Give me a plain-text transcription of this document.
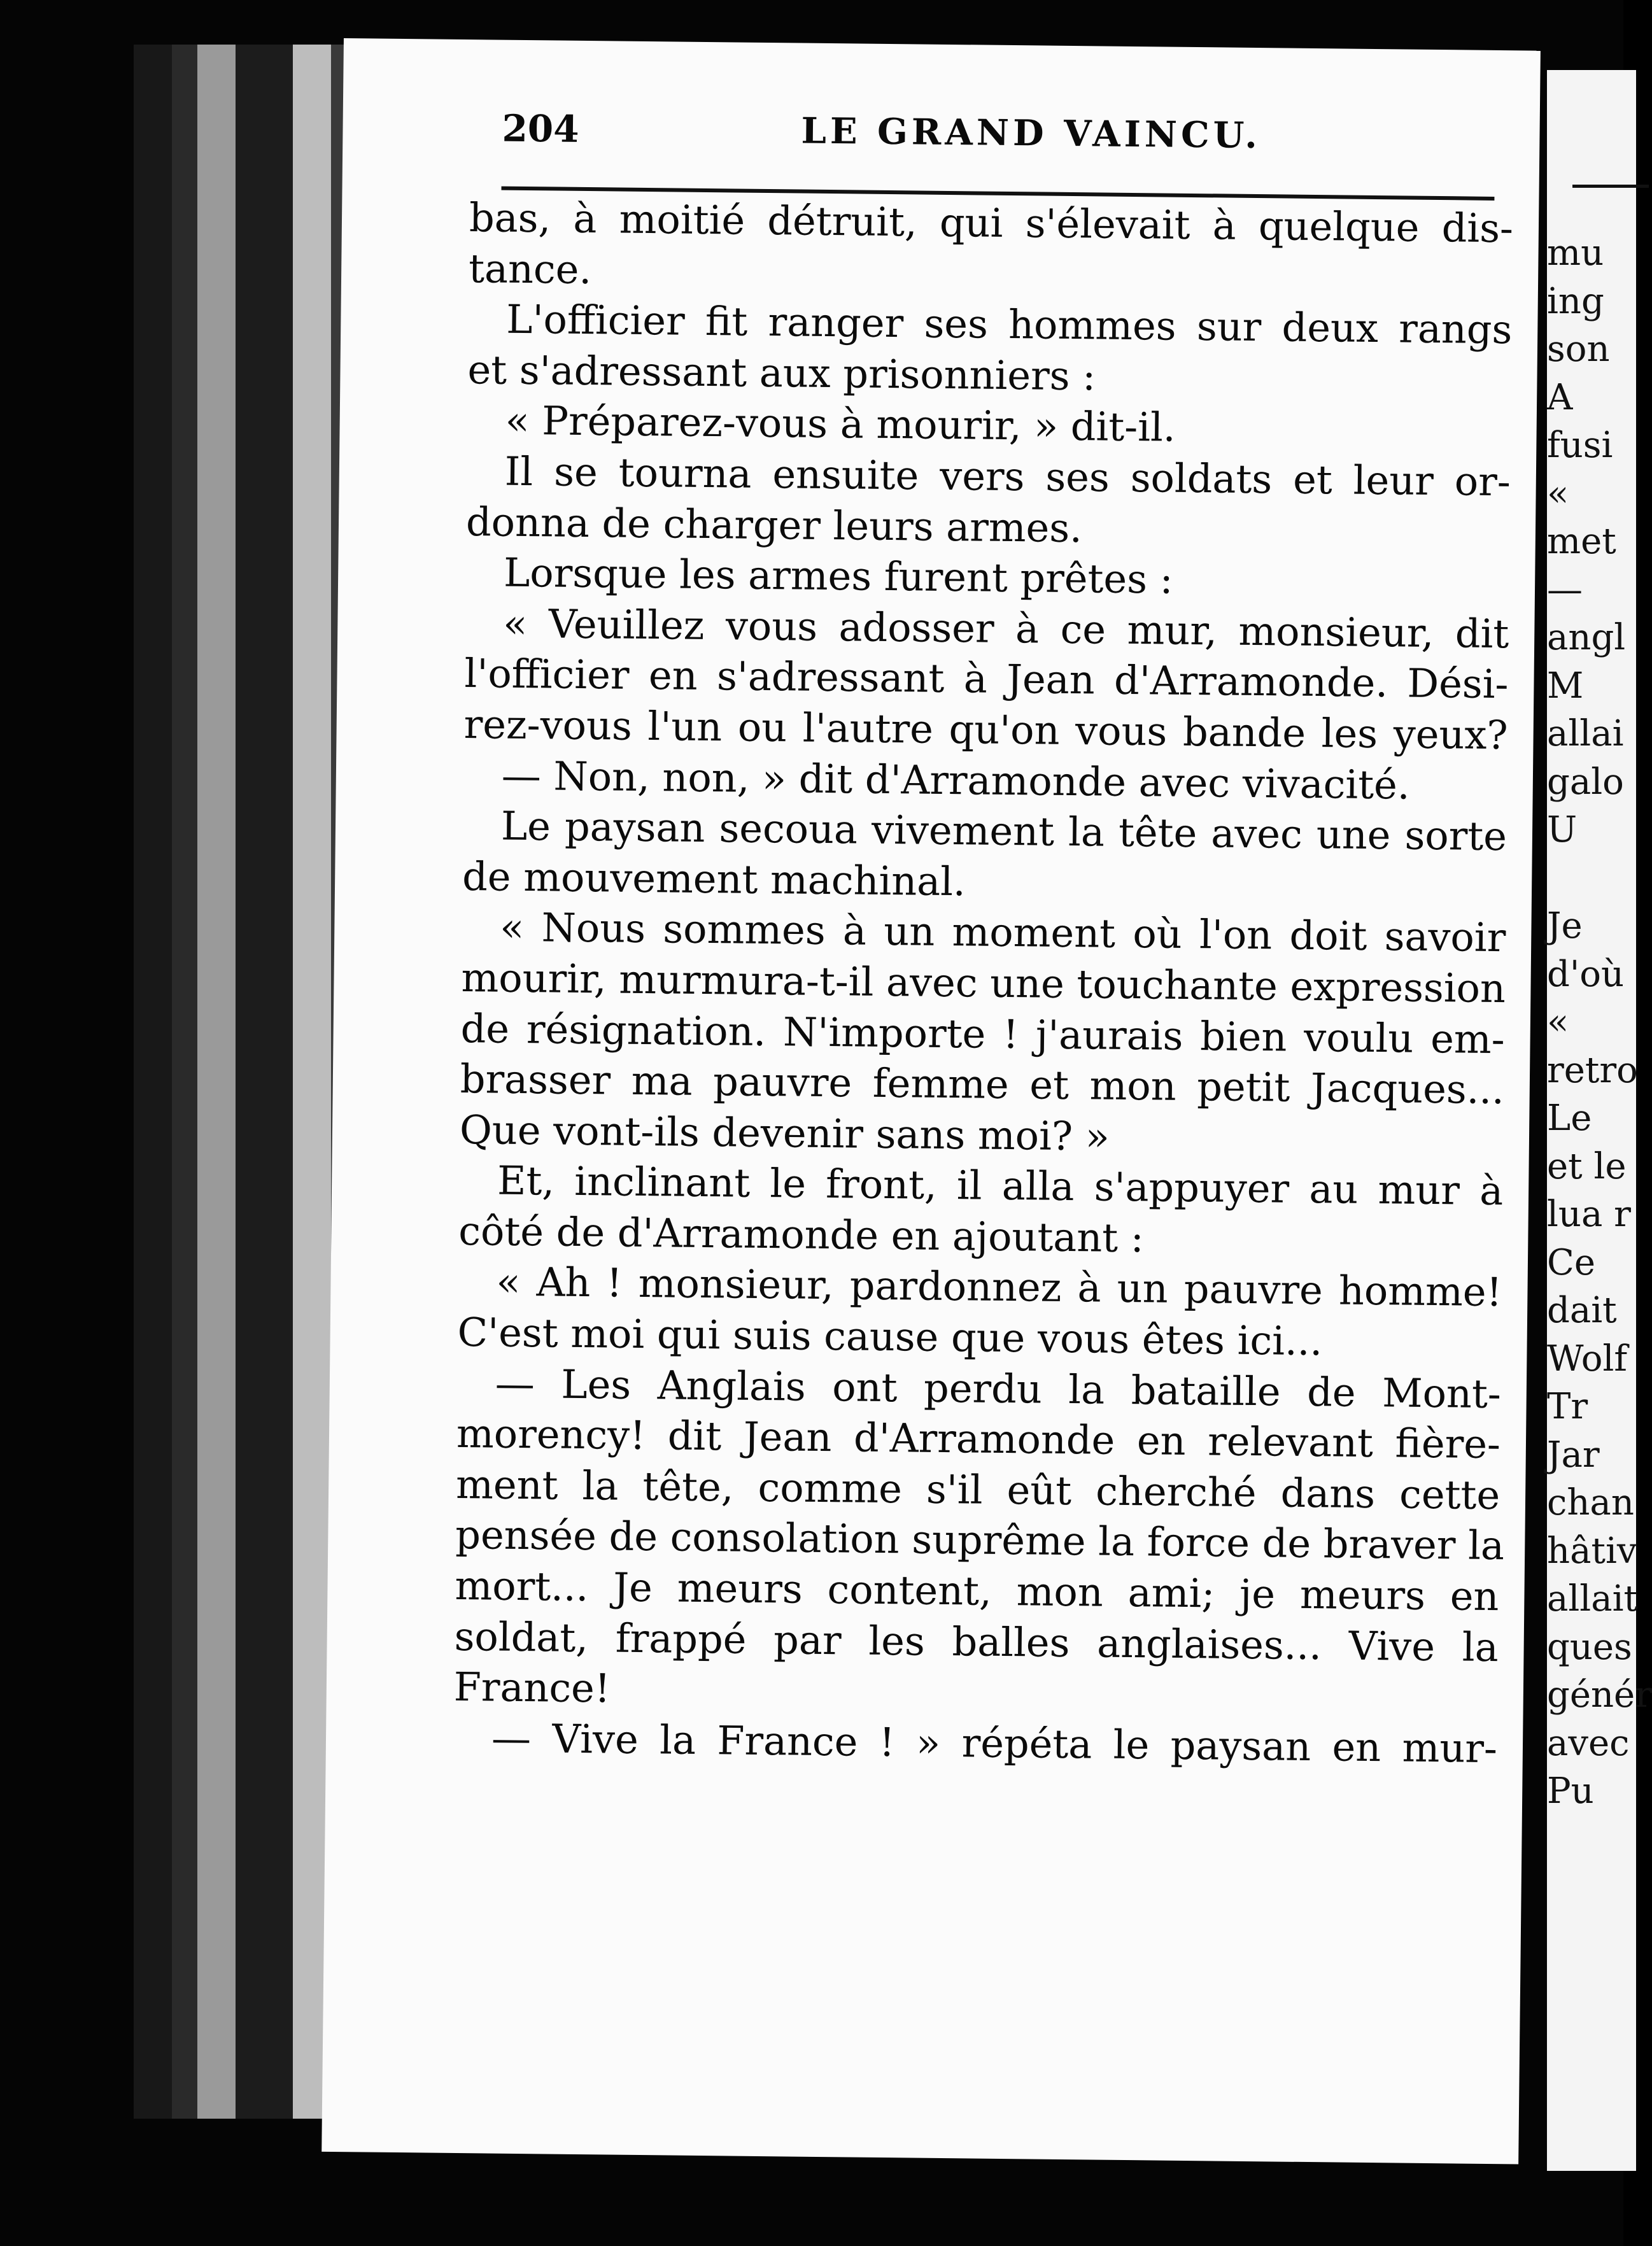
204	LE GRAND VAINCU.
bas, à moitié détruit, qui s'élevait à quelque dis-
tance.
L'officier fit ranger ses hommes sur deux rangs
et s'adressant aux prisonniers :
« Préparez-vous à mourir, » dit-il.
Il se tourna ensuite vers ses soldats et leur or-
donna de charger leurs armes.
Lorsque les armes furent prêtes :
« Veuillez vous adosser à ce mur, monsieur, dit
l'officier en s'adressant à Jean d'Arramonde. Dési-
rez-vous l'un ou l'autre qu'on vous bande les yeux?
— Non, non, » dit d'Arramonde avec vivacité.
Le paysan secoua vivement la tête avec une sorte
de mouvement machinal.
« Nous sommes à un moment où l'on doit savoir
mourir, murmura-t-il avec une touchante expression
de résignation. N'importe ! j'aurais bien voulu em-
brasser ma pauvre femme et mon petit Jacques...
Que vont-ils devenir sans moi? »
Et, inclinant le front, il alla s'appuyer au mur à
côté de d'Arramonde en ajoutant :
« Ah ! monsieur, pardonnez à un pauvre homme!
C'est moi qui suis cause que vous êtes ici...
— Les Anglais ont perdu la bataille de Mont-
morency! dit Jean d'Arramonde en relevant fière-
ment la tête, comme s'il eût cherché dans cette
pensée de consolation suprême la force de braver la
mort... Je meurs content, mon ami; je meurs en
soldat, frappé par les balles anglaises... Vive la
France!
— Vive la France ! » répéta le paysan en mur-
mu
ing
son
A
fusi
«
met
—
angl
M
allai
galo
U
Je
d'où
«
retro
Le
et le
lua r
Ce
dait
Wolf
Tr
Jar
chan
hâtiv
allait
ques
génér
avec
Pu
